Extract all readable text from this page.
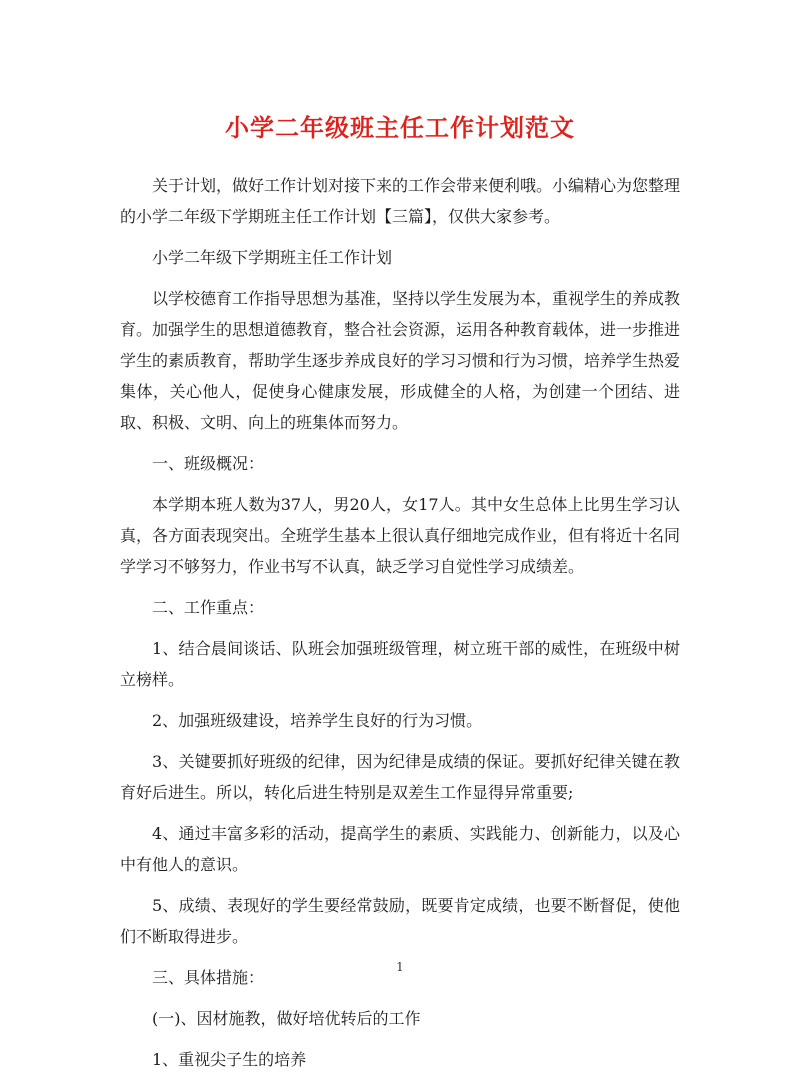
小学二年级班主任工作计划范文

关于计划，做好工作计划对接下来的工作会带来便利哦。小编精心为您整理的小学二年级下学期班主任工作计划【三篇】，仅供大家参考。

小学二年级下学期班主任工作计划

以学校德育工作指导思想为基准，坚持以学生发展为本，重视学生的养成教育。加强学生的思想道德教育，整合社会资源，运用各种教育载体，进一步推进学生的素质教育，帮助学生逐步养成良好的学习习惯和行为习惯，培养学生热爱集体，关心他人，促使身心健康发展，形成健全的人格，为创建一个团结、进取、积极、文明、向上的班集体而努力。

一、班级概况：

本学期本班人数为37人，男20人，女17人。其中女生总体上比男生学习认真，各方面表现突出。全班学生基本上很认真仔细地完成作业，但有将近十名同学学习不够努力，作业书写不认真，缺乏学习自觉性学习成绩差。

二、工作重点：

1、结合晨间谈话、队班会加强班级管理，树立班干部的威性，在班级中树立榜样。

2、加强班级建设，培养学生良好的行为习惯。

3、关键要抓好班级的纪律，因为纪律是成绩的保证。要抓好纪律关键在教育好后进生。所以，转化后进生特别是双差生工作显得异常重要;

4、通过丰富多彩的活动，提高学生的素质、实践能力、创新能力，以及心中有他人的意识。

5、成绩、表现好的学生要经常鼓励，既要肯定成绩，也要不断督促，使他们不断取得进步。

三、具体措施：

(一)、因材施教，做好培优转后的工作

1、重视尖子生的培养

1
